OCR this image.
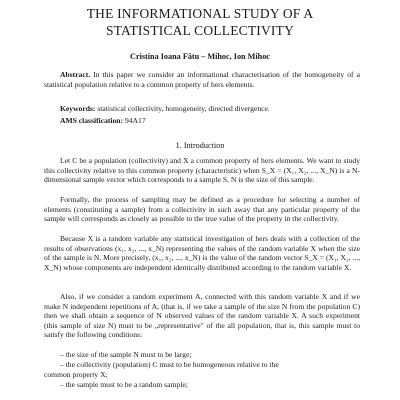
THE INFORMATIONAL STUDY OF A
STATISTICAL COLLECTIVITY
Cristina Ioana Fătu – Mihoc, Ion Mihoc
Abstract. In this paper we consider an informational characterisation of the homogeneity of a statistical population relative to a common property of hers elements.
Keywords: statistical collectivity, homogeneity, directed divergence.
AMS classification: 94A17
1. Introduction
Let C be a population (collectivity) and X a common property of hers elements. We want to study this collectivity relative to this common property (characteristic) when S_X = (X₁, X₂, ..., X_N) is a N-dimensional sample vector which corresponds to a sample S, N is the size of this sample.
Formally, the process of sampling may be defined as a procedure for selecting a number of elements (constituting a sample) from a collectivity in such away that any particular property of the sample will corresponds as closely as possible to the true value of the property in the collectivity.
Because X is a random variable any statistical investigation of hers deals with a collection of the results of observations (x₁, x₂, ..., x_N) representing the values of the random variable X when the size of the sample is N. More precisely, (x₁, x₂, ..., x_N) is the value of the random vector S_X = (X₁, X₂, ..., X_N) whose components are independent identically distributed according to the random variable X.
Also, if we consider a random experiment A, connected with this random variable X and if we make N independent repetitions of A, (that is, if we take a sample of the size N from the population C) then we shall obtain a sequence of N observed values of the random variable X. A such experiment (this sample of size N) must to be „representative" of the all population, that is, this sample must to satisfy the following conditions:
– the size of the sample N must to be large;
– the collectivity (population) C must to be homogeneous relative to the
common property X;
– the sample must to be a random sample;
